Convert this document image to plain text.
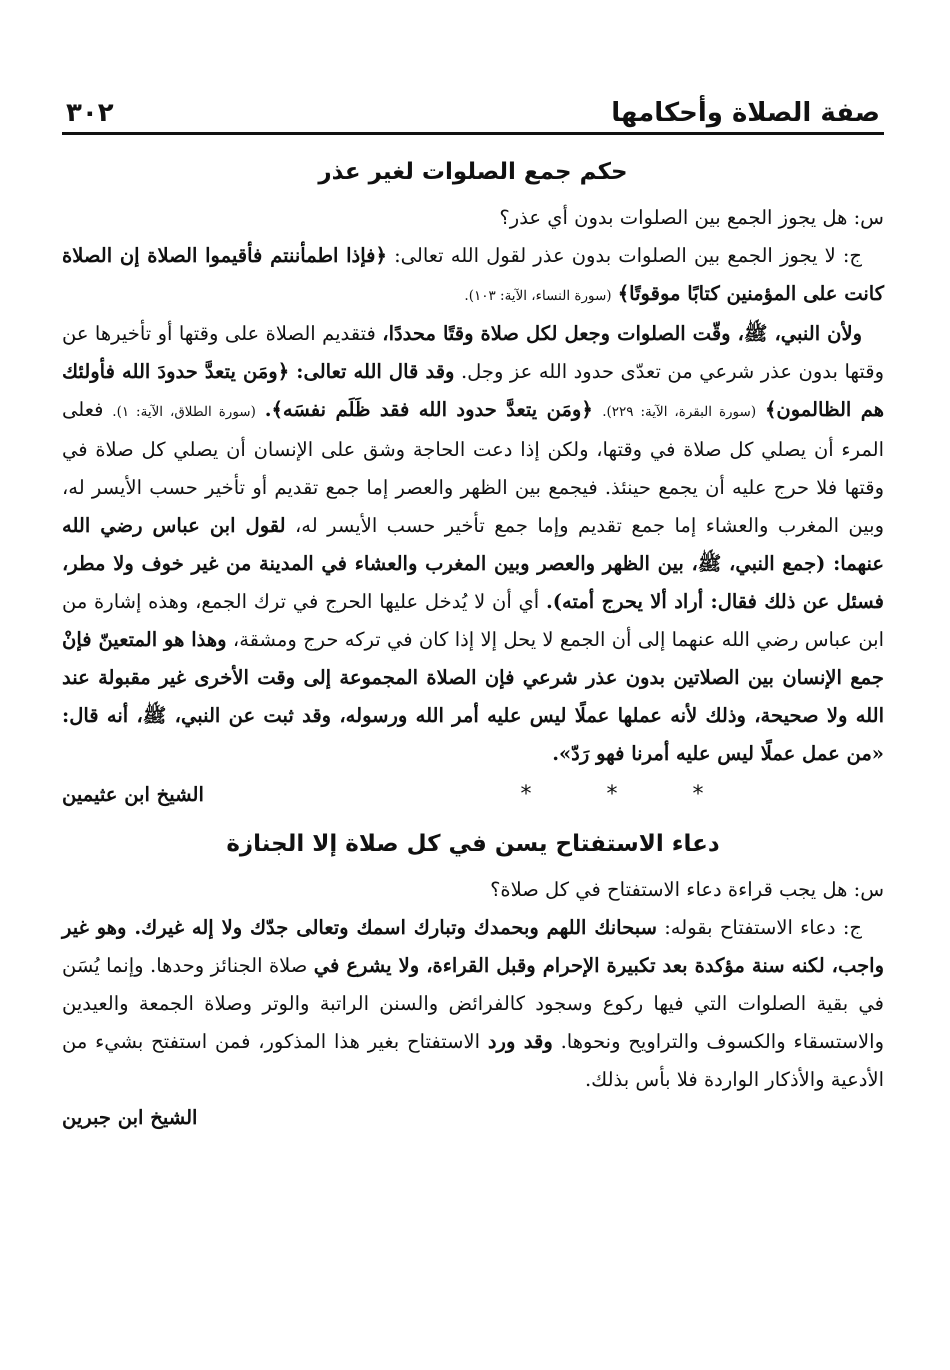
صفة الصلاة وأحكامها
٣٠٢
حكم جمع الصلوات لغير عذر

س: هل يجوز الجمع بين الصلوات بدون أي عذر؟

ج: لا يجوز الجمع بين الصلوات بدون عذر لقول الله تعالى: ﴿فإذا اطمأننتم فأقيموا الصلاة إن الصلاة كانت على المؤمنين كتابًا موقوتًا﴾ (سورة النساء، الآية: ١٠٣).

ولأن النبي، ﷺ، وقّت الصلوات وجعل لكل صلاة وقتًا محددًا، فتقديم الصلاة على وقتها أو تأخيرها عن وقتها بدون عذر شرعي من تعدّى حدود الله عز وجل. وقد قال الله تعالى: ﴿ومَن يتعدَّ حدودَ الله فأولئك هم الظالمون﴾ (سورة البقرة، الآية: ٢٢٩). ﴿ومَن يتعدَّ حدود الله فقد ظَلَم نفسَه﴾. (سورة الطلاق، الآية: ١). فعلى المرء أن يصلي كل صلاة في وقتها، ولكن إذا دعت الحاجة وشق على الإنسان أن يصلي كل صلاة في وقتها فلا حرج عليه أن يجمع حينئذ. فيجمع بين الظهر والعصر إما جمع تقديم أو تأخير حسب الأيسر له، وبين المغرب والعشاء إما جمع تقديم وإما جمع تأخير حسب الأيسر له، لقول ابن عباس رضي الله عنهما: (جمع النبي، ﷺ، بين الظهر والعصر وبين المغرب والعشاء في المدينة من غير خوف ولا مطر، فسئل عن ذلك فقال: أراد ألا يحرج أمته). أي أن لا يُدخل عليها الحرج في ترك الجمع، وهذه إشارة من ابن عباس رضي الله عنهما إلى أن الجمع لا يحل إلا إذا كان في تركه حرج ومشقة، وهذا هو المتعينّ فإنْ جمع الإنسان بين الصلاتين بدون عذر شرعي فإن الصلاة المجموعة إلى وقت الأخرى غير مقبولة عند الله ولا صحيحة، وذلك لأنه عملها عملًا ليس عليه أمر الله ورسوله، وقد ثبت عن النبي، ﷺ، أنه قال: «من عمل عملًا ليس عليه أمرنا فهو رَدّ».

* * *
الشيخ ابن عثيمين
دعاء الاستفتاح يسن في كل صلاة إلا الجنازة

س: هل يجب قراءة دعاء الاستفتاح في كل صلاة؟

ج: دعاء الاستفتاح بقوله: سبحانك اللهم وبحمدك وتبارك اسمك وتعالى جدّك ولا إله غيرك. وهو غير واجب، لكنه سنة مؤكدة بعد تكبيرة الإحرام وقبل القراءة، ولا يشرع في صلاة الجنائز وحدها. وإنما يُسَن في بقية الصلوات التي فيها ركوع وسجود كالفرائض والسنن الراتبة والوتر وصلاة الجمعة والعيدين والاستسقاء والكسوف والتراويح ونحوها. وقد ورد الاستفتاح بغير هذا المذكور، فمن استفتح بشيء من الأدعية والأذكار الواردة فلا بأس بذلك.

الشيخ ابن جبرين
